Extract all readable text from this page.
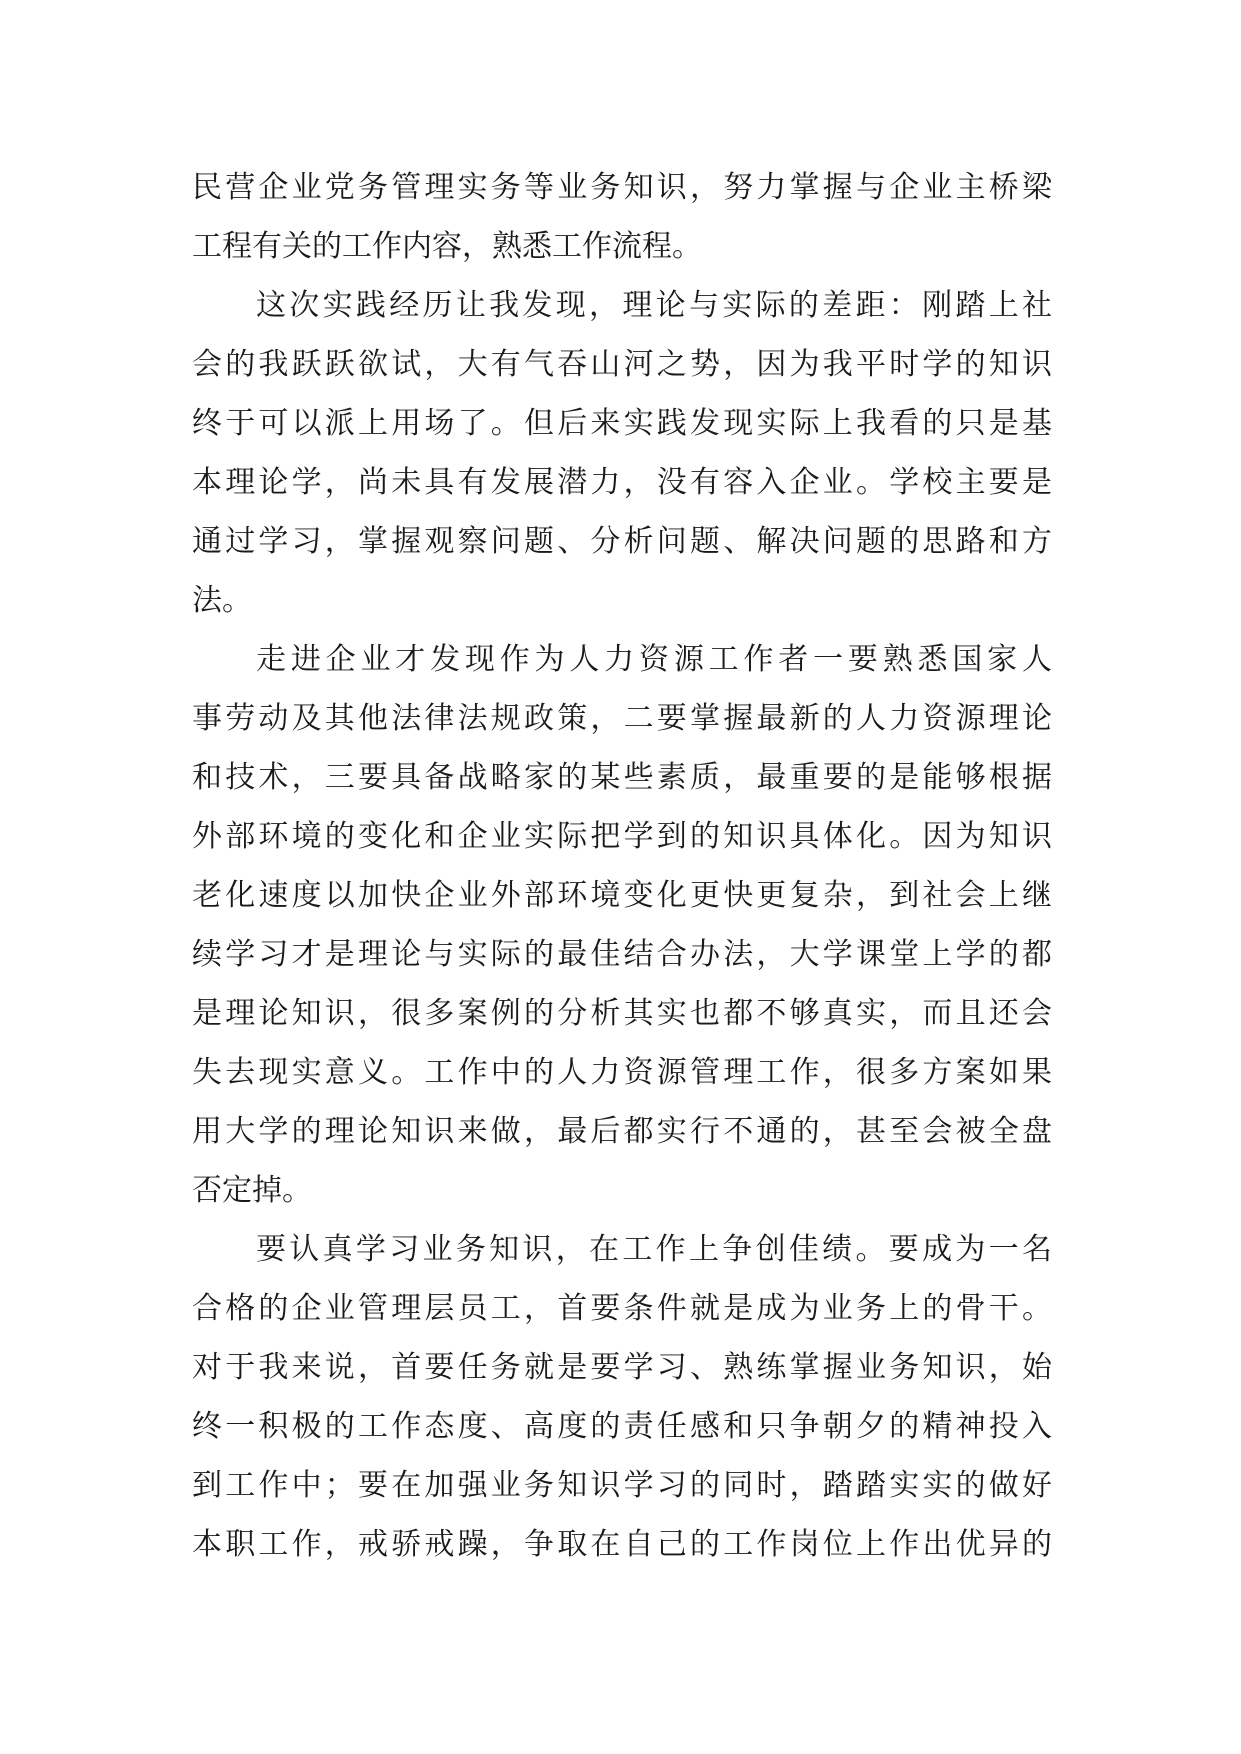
民营企业党务管理实务等业务知识，努力掌握与企业主桥梁
工程有关的工作内容，熟悉工作流程。
这次实践经历让我发现，理论与实际的差距：刚踏上社
会的我跃跃欲试，大有气吞山河之势，因为我平时学的知识
终于可以派上用场了。但后来实践发现实际上我看的只是基
本理论学，尚未具有发展潜力，没有容入企业。学校主要是
通过学习，掌握观察问题、分析问题、解决问题的思路和方
法。
走进企业才发现作为人力资源工作者一要熟悉国家人
事劳动及其他法律法规政策，二要掌握最新的人力资源理论
和技术，三要具备战略家的某些素质，最重要的是能够根据
外部环境的变化和企业实际把学到的知识具体化。因为知识
老化速度以加快企业外部环境变化更快更复杂，到社会上继
续学习才是理论与实际的最佳结合办法，大学课堂上学的都
是理论知识，很多案例的分析其实也都不够真实，而且还会
失去现实意义。工作中的人力资源管理工作，很多方案如果
用大学的理论知识来做，最后都实行不通的，甚至会被全盘
否定掉。
要认真学习业务知识，在工作上争创佳绩。要成为一名
合格的企业管理层员工，首要条件就是成为业务上的骨干。
对于我来说，首要任务就是要学习、熟练掌握业务知识，始
终一积极的工作态度、高度的责任感和只争朝夕的精神投入
到工作中；要在加强业务知识学习的同时，踏踏实实的做好
本职工作，戒骄戒躁，争取在自己的工作岗位上作出优异的
